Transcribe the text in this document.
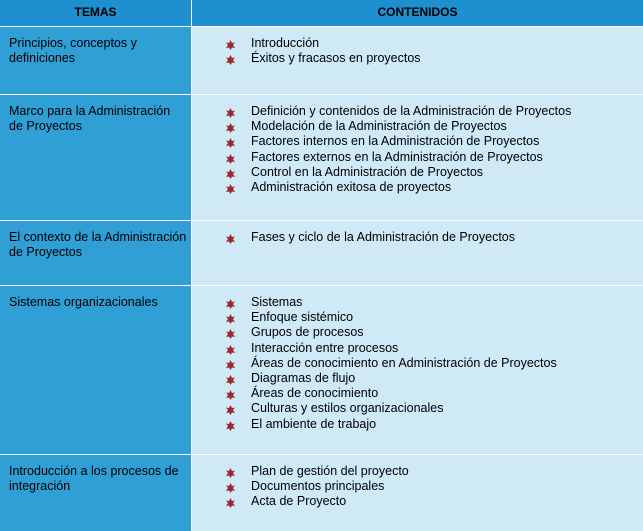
TEMAS	CONTENIDOS
Principios, conceptos y definiciones
Introducción
Éxitos y fracasos en proyectos
Marco para la Administración de Proyectos
Definición y contenidos de la Administración de Proyectos
Modelación de la Administración de Proyectos
Factores internos en la Administración de Proyectos
Factores externos en la Administración de Proyectos
Control en la Administración de Proyectos
Administración exitosa de proyectos
El contexto de la Administración de Proyectos
Fases y ciclo de la Administración de Proyectos
Sistemas organizacionales	Sistemas
Enfoque sistémico
Grupos de procesos
Interacción entre procesos
Áreas de conocimiento en Administración de Proyectos
Diagramas de flujo
Áreas de conocimiento
Culturas y estilos organizacionales
El ambiente de trabajo
Introducción a los procesos de integración
Plan de gestión del proyecto
Documentos principales
Acta de Proyecto
